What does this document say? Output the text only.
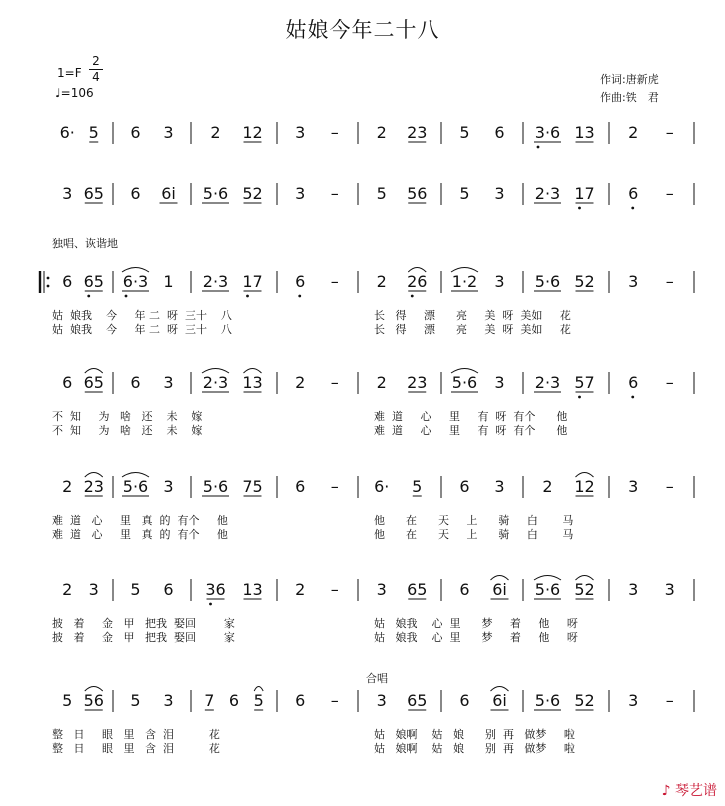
姑娘今年二十八
1=F
2
4
♩=106
作词:唐新虎
作曲:铁　君
独唱、诙谐地
合唱
6· 5 6 3 2 12 3 – 2 23 5 6 3·6 13 2 –
3 65 6 6i 5·6 52 3 – 5 56 5 3 2·3 17 6 –
6 65 6·3 1 2·3 17 6 – 2 26 1·2 3 5·6 52 3 –
姑  娘我    今     年 二  呀  三十    八
姑  娘我    今     年 二  呀  三十    八
长   得     漂      亮     美  呀  美如     花
长   得     漂      亮     美  呀  美如     花
6 65 6 3 2·3 13 2 – 2 23 5·6 3 2·3 57 6 –
不  知     为   啥   还    未    嫁
不  知     为   啥   还    未    嫁
难  道     心     里     有  呀  有个      他
难  道     心     里     有  呀  有个      他
2 23 5·6 3 5·6 75 6 – 6· 5 6 3 2 12 3 –
难  道   心     里   真  的  有个     他
难  道   心     里   真  的  有个     他
他      在      天     上      骑     白       马
他      在      天     上      骑     白       马
2 3 5 6 36 13 2 – 3 65 6 6i 5·6 52 3 3
披   着     金   甲   把我  娶回        家
披   着     金   甲   把我  娶回        家
姑   娘我    心  里      梦     着     他     呀
姑   娘我    心  里      梦     着     他     呀
5 56 5 3 7 6 5 6 – 3 65 6 6i 5·6 52 3 –
整   日     眼   里   含  泪          花
整   日     眼   里   含  泪          花
姑   娘啊    姑   娘      别  再   做梦     啦
姑   娘啊    姑   娘      别  再   做梦     啦
♪ 琴艺谱
